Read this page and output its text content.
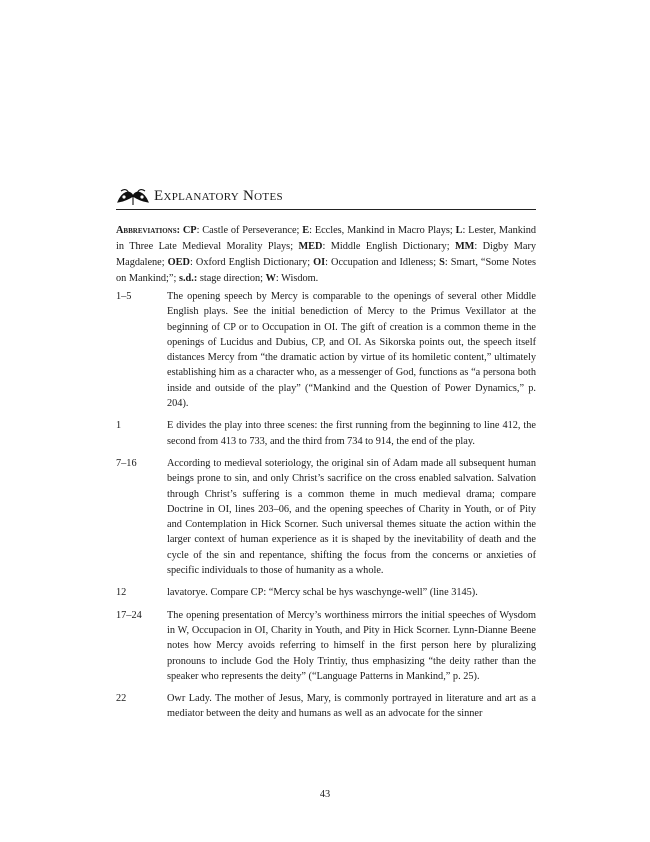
Explanatory Notes
Abbreviations: CP: Castle of Perseverance; E: Eccles, Mankind in Macro Plays; L: Lester, Mankind in Three Late Medieval Morality Plays; MED: Middle English Dictionary; MM: Digby Mary Magdalene; OED: Oxford English Dictionary; OI: Occupation and Idleness; S: Smart, “Some Notes on Mankind;”; s.d.: stage direction; W: Wisdom.
1–5	The opening speech by Mercy is comparable to the openings of several other Middle English plays. See the initial benediction of Mercy to the Primus Vexillator at the beginning of CP or to Occupation in OI. The gift of creation is a common theme in the openings of Lucidus and Dubius, CP, and OI. As Sikorska points out, the speech itself distances Mercy from “the dramatic action by virtue of its homiletic content,” ultimately establishing him as a character who, as a messenger of God, functions as “a persona both inside and outside of the play” (“Mankind and the Question of Power Dynamics,” p. 204).
1	E divides the play into three scenes: the first running from the beginning to line 412, the second from 413 to 733, and the third from 734 to 914, the end of the play.
7–16	According to medieval soteriology, the original sin of Adam made all subsequent human beings prone to sin, and only Christ’s sacrifice on the cross enabled salvation. Salvation through Christ’s suffering is a common theme in much medieval drama; compare Doctrine in OI, lines 203–06, and the opening speeches of Charity in Youth, or of Pity and Contemplation in Hick Scorner. Such universal themes situate the action within the larger context of human experience as it is shaped by the inevitability of death and the cycle of the sin and repentance, shifting the focus from the concerns or anxieties of specific individuals to those of humanity as a whole.
12	lavatorye. Compare CP: “Mercy schal be hys waschynge-well” (line 3145).
17–24 The opening presentation of Mercy’s worthiness mirrors the initial speeches of Wysdom in W, Occupacion in OI, Charity in Youth, and Pity in Hick Scorner. Lynn-Dianne Beene notes how Mercy avoids referring to himself in the first person here by pluralizing pronouns to include God the Holy Trintiy, thus emphasizing “the deity rather than the speaker who represents the deity” (“Language Patterns in Mankind,” p. 25).
22	Owr Lady. The mother of Jesus, Mary, is commonly portrayed in literature and art as a mediator between the deity and humans as well as an advocate for the sinner
43
